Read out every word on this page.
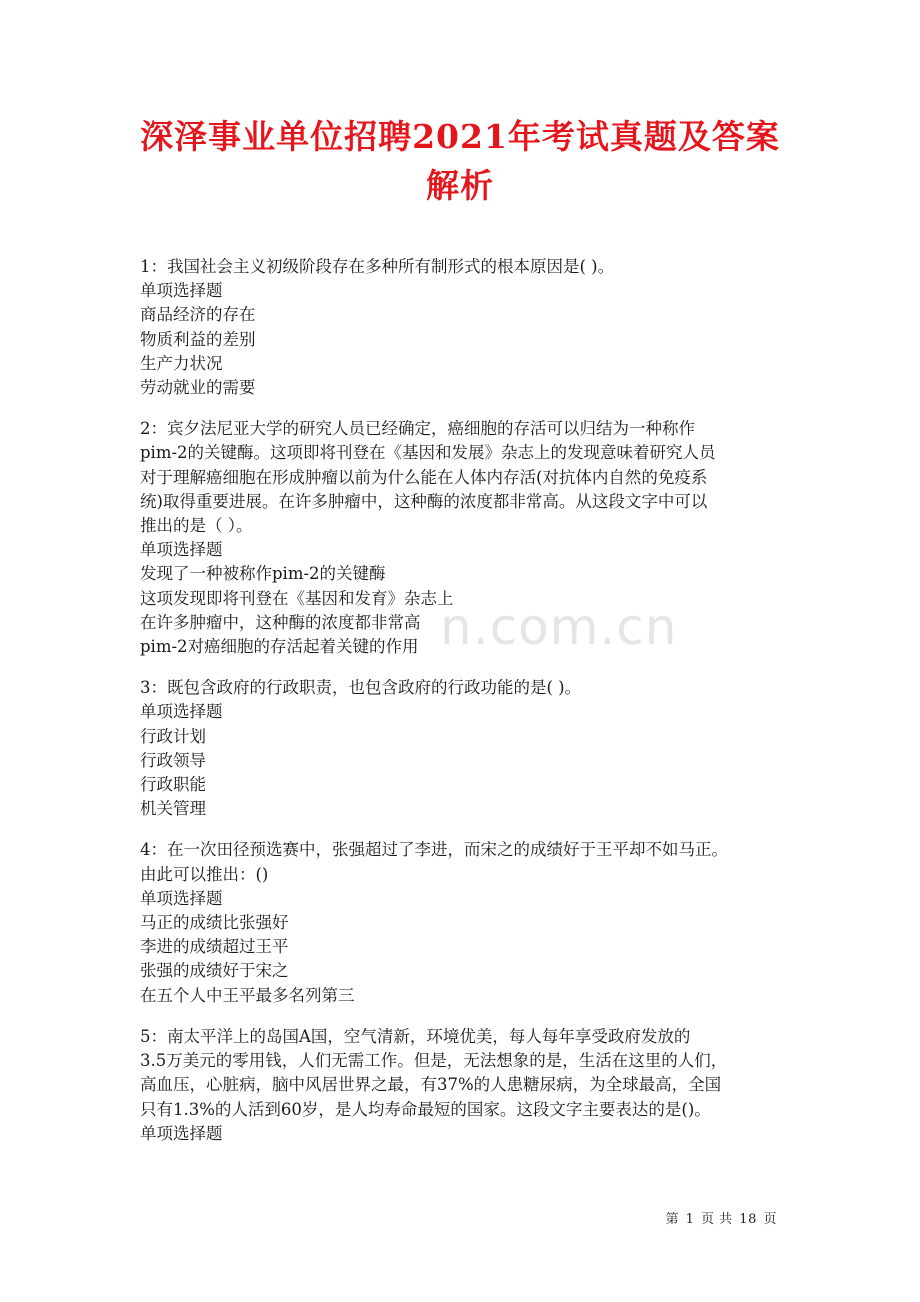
深泽事业单位招聘2021年考试真题及答案
解析
1：我国社会主义初级阶段存在多种所有制形式的根本原因是( )。
单项选择题
商品经济的存在
物质利益的差别
生产力状况
劳动就业的需要
2：宾夕法尼亚大学的研究人员已经确定，癌细胞的存活可以归结为一种称作
pim-2的关键酶。这项即将刊登在《基因和发展》杂志上的发现意味着研究人员
对于理解癌细胞在形成肿瘤以前为什么能在人体内存活(对抗体内自然的免疫系
统)取得重要进展。在许多肿瘤中，这种酶的浓度都非常高。从这段文字中可以
推出的是（ ）。
单项选择题
发现了一种被称作pim-2的关键酶
这项发现即将刊登在《基因和发育》杂志上
在许多肿瘤中，这种酶的浓度都非常高
pim-2对癌细胞的存活起着关键的作用
3：既包含政府的行政职责，也包含政府的行政功能的是( )。
单项选择题
行政计划
行政领导
行政职能
机关管理
4：在一次田径预选赛中，张强超过了李进，而宋之的成绩好于王平却不如马正。
由此可以推出：()
单项选择题
马正的成绩比张强好
李进的成绩超过王平
张强的成绩好于宋之
在五个人中王平最多名列第三
5：南太平洋上的岛国A国，空气清新，环境优美，每人每年享受政府发放的
3.5万美元的零用钱，人们无需工作。但是，无法想象的是，生活在这里的人们，
高血压，心脏病，脑中风居世界之最，有37%的人患糖尿病，为全球最高，全国
只有1.3%的人活到60岁，是人均寿命最短的国家。这段文字主要表达的是()。
单项选择题
n.com.cn
第 1 页 共 18 页
